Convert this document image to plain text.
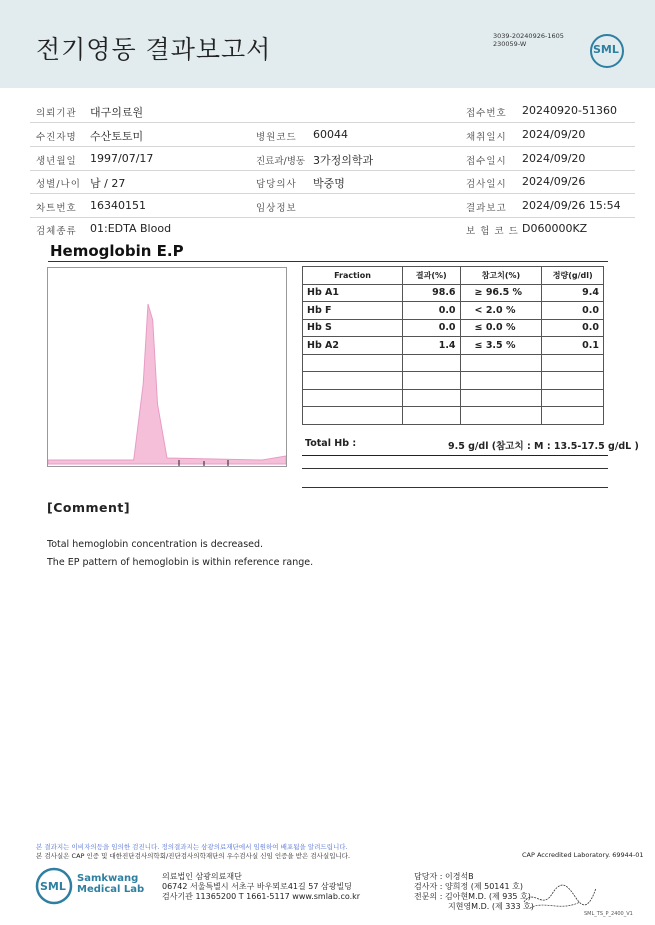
전기영동 결과보고서	3039-20240926-1605
230059-W	SML
의뢰기관 대구의료원	접수번호 20240920-51360
수진자명 수산토토미	병원코드 60044	채취일시 2024/09/20
생년월일 1997/07/17	진료과/병동 3가정의학과	접수일시 2024/09/20
성별/나이 남 / 27	담당의사 박중명	검사일시 2024/09/26
차트번호 16340151	임상정보	결과보고 2024/09/26 15:54
검체종류 01:EDTA Blood	보 험 코 드 D060000KZ
Hemoglobin E.P
Fraction	결과(%)	참고치(%)	정량(g/dl)
Hb A1	98.6	≥ 96.5 %	9.4
Hb F	0.0	< 2.0 %	0.0
Hb S	0.0	≤ 0.0 %	0.0
Hb A2	1.4	≤ 3.5 %	0.1

Total Hb :	9.5 g/dl (참고치 : M : 13.5-17.5 g/dL )
[Comment]
Total hemoglobin concentration is decreased.
The EP pattern of hemoglobin is within reference range.
본 결과지는 이비자의등을 임의한 검진니다. 정의결과지는 삼광의료재단에서 임원하여 배포됨을 알려드립니다.
본 검사실은 CAP 인증 및 대한진단검사의학회/진단검사의학재단의 우수검사실 신임 인증을 받은 검사실입니다.	CAP Accredited Laboratory. 69944-01
SML
Samkwang
Medical Lab
의료법인 삼광의료재단
06742 서울특별시 서초구 바우뫼로41길 57 삼광빌딩
검사기관 11365200 T 1661-5117 www.smlab.co.kr
담당자 : 이경석B
검사자 : 양희정 (제 50141 호)
전문의 : 김아현M.D. (제 935 호)
지현영M.D. (제 333 호)
SML_TS_P_2400_V1
